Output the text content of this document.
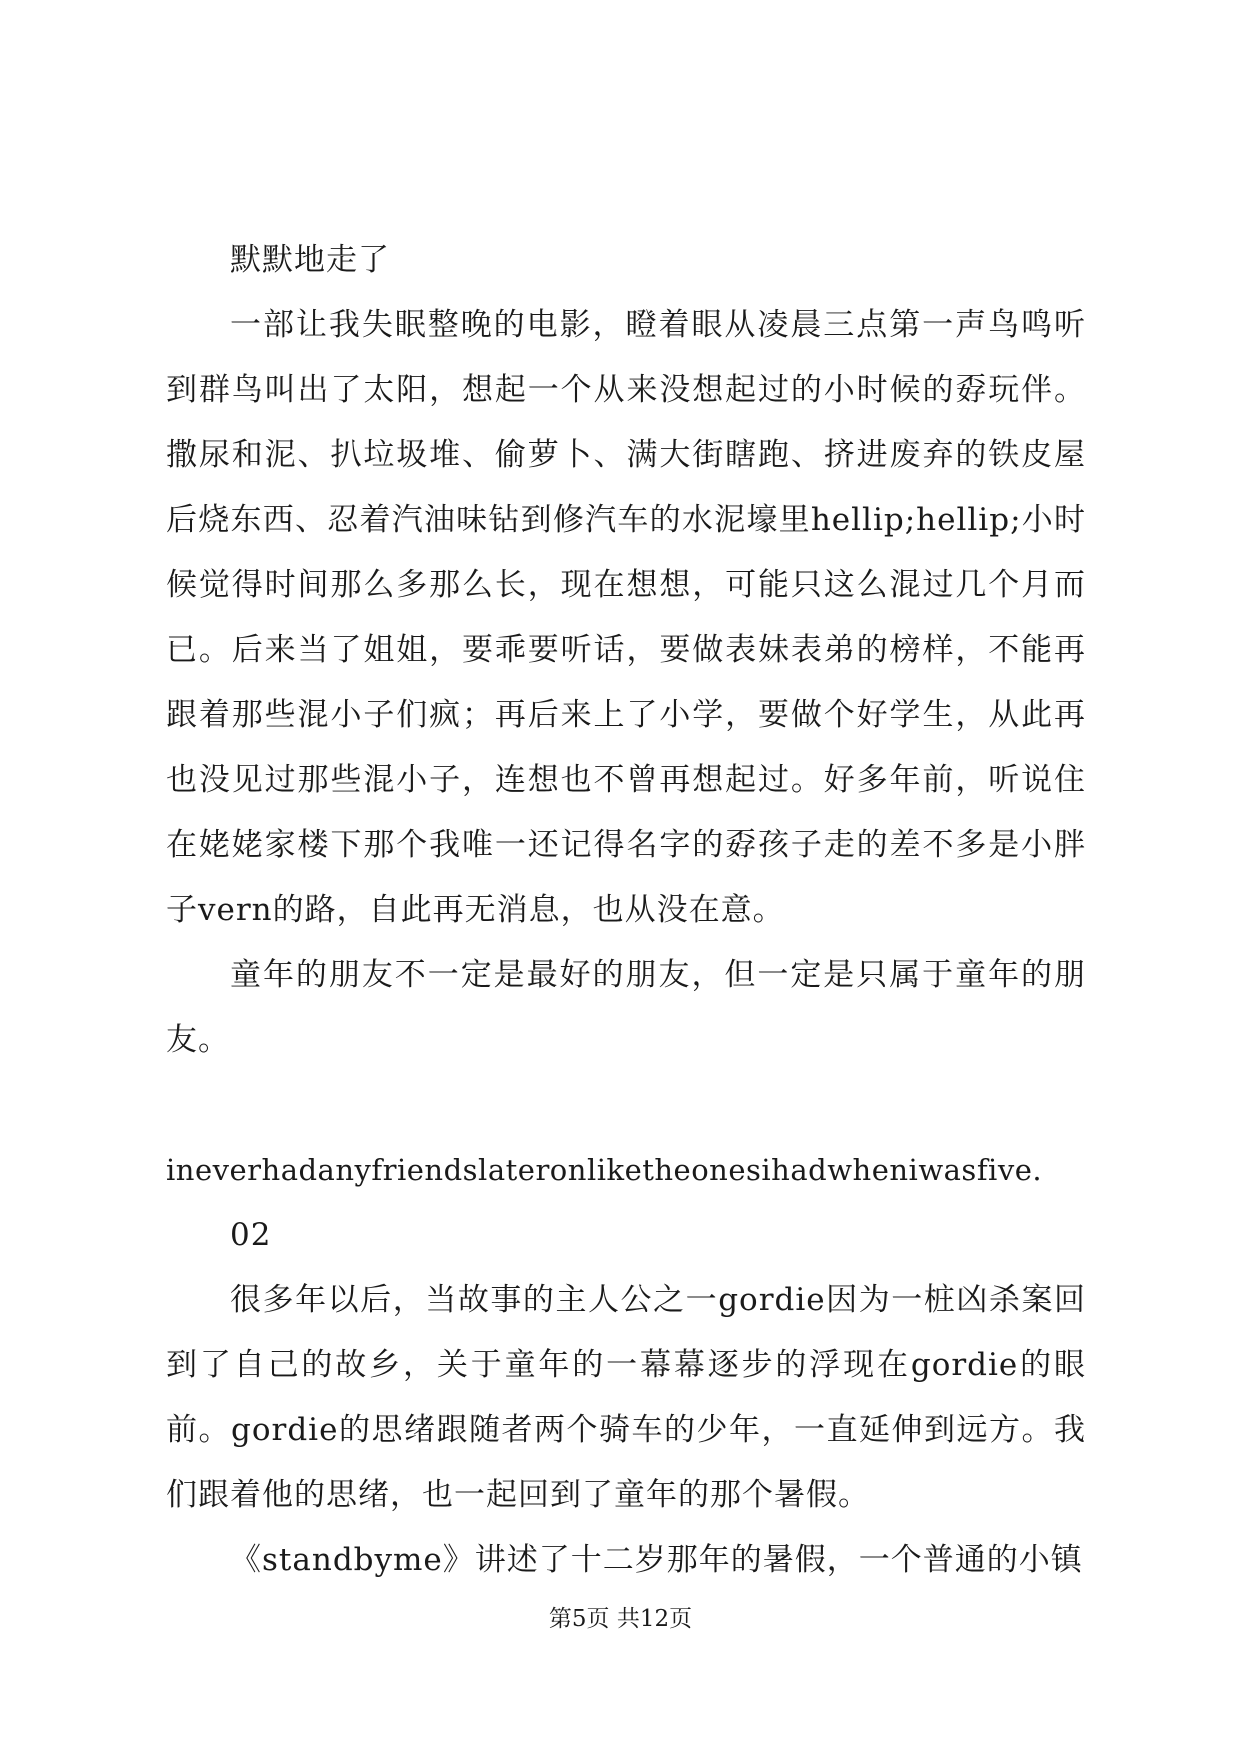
默默地走了

一部让我失眠整晚的电影，瞪着眼从凌晨三点第一声鸟鸣听到群鸟叫出了太阳，想起一个从来没想起过的小时候的孬玩伴。撒尿和泥、扒垃圾堆、偷萝卜、满大街瞎跑、挤进废弃的铁皮屋后烧东西、忍着汽油味钻到修汽车的水泥壕里hellip;hellip;小时候觉得时间那么多那么长，现在想想，可能只这么混过几个月而已。后来当了姐姐，要乖要听话，要做表妹表弟的榜样，不能再跟着那些混小子们疯；再后来上了小学，要做个好学生，从此再也没见过那些混小子，连想也不曾再想起过。好多年前，听说住在姥姥家楼下那个我唯一还记得名字的孬孩子走的差不多是小胖子vern的路，自此再无消息，也从没在意。

童年的朋友不一定是最好的朋友，但一定是只属于童年的朋友。

ineverhadanyfriendslateronliketheonesihadwheniwasfive.

02

很多年以后，当故事的主人公之一gordie因为一桩凶杀案回到了自己的故乡，关于童年的一幕幕逐步的浮现在gordie的眼前。gordie的思绪跟随者两个骑车的少年，一直延伸到远方。我们跟着他的思绪，也一起回到了童年的那个暑假。

《standbyme》讲述了十二岁那年的暑假，一个普通的小镇

第5页 共12页
